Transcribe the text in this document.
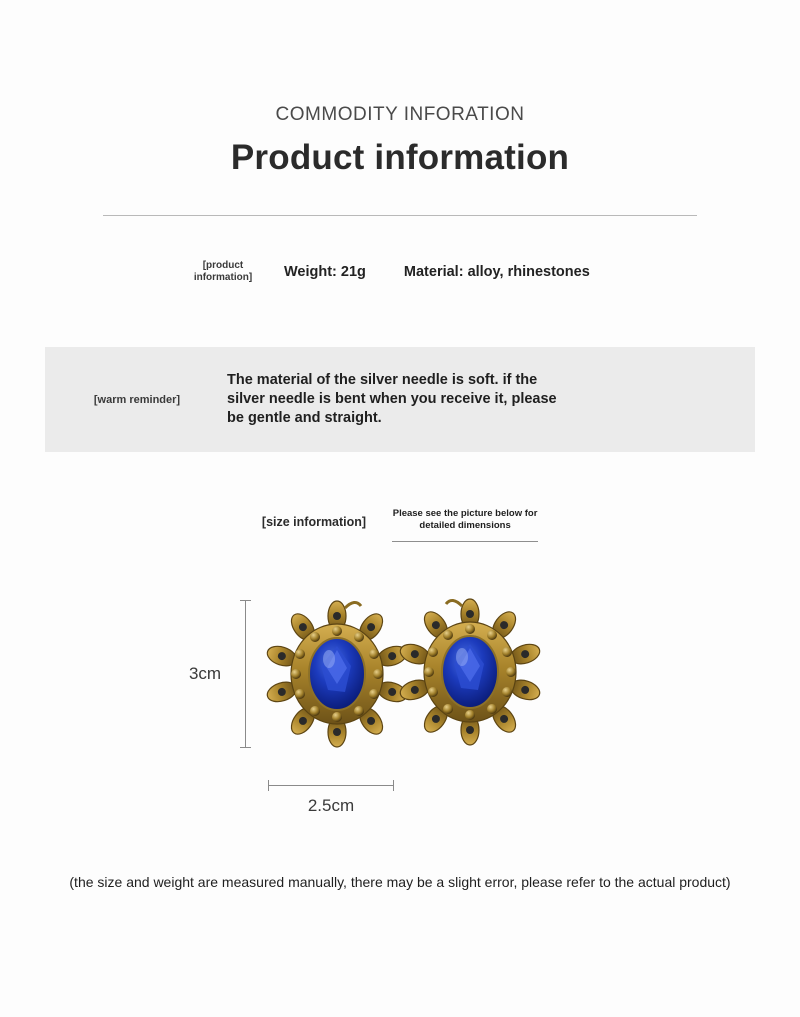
COMMODITY INFORATION
Product information
[product information]	Weight: 21g	Material: alloy, rhinestones
[warm reminder]
The material of the silver needle is soft. if the silver needle is bent when you receive it, please be gentle and straight.
[size information]
Please see the picture below for detailed dimensions
3cm
2.5cm
(the size and weight are measured manually, there may be a slight error, please refer to the actual product)
